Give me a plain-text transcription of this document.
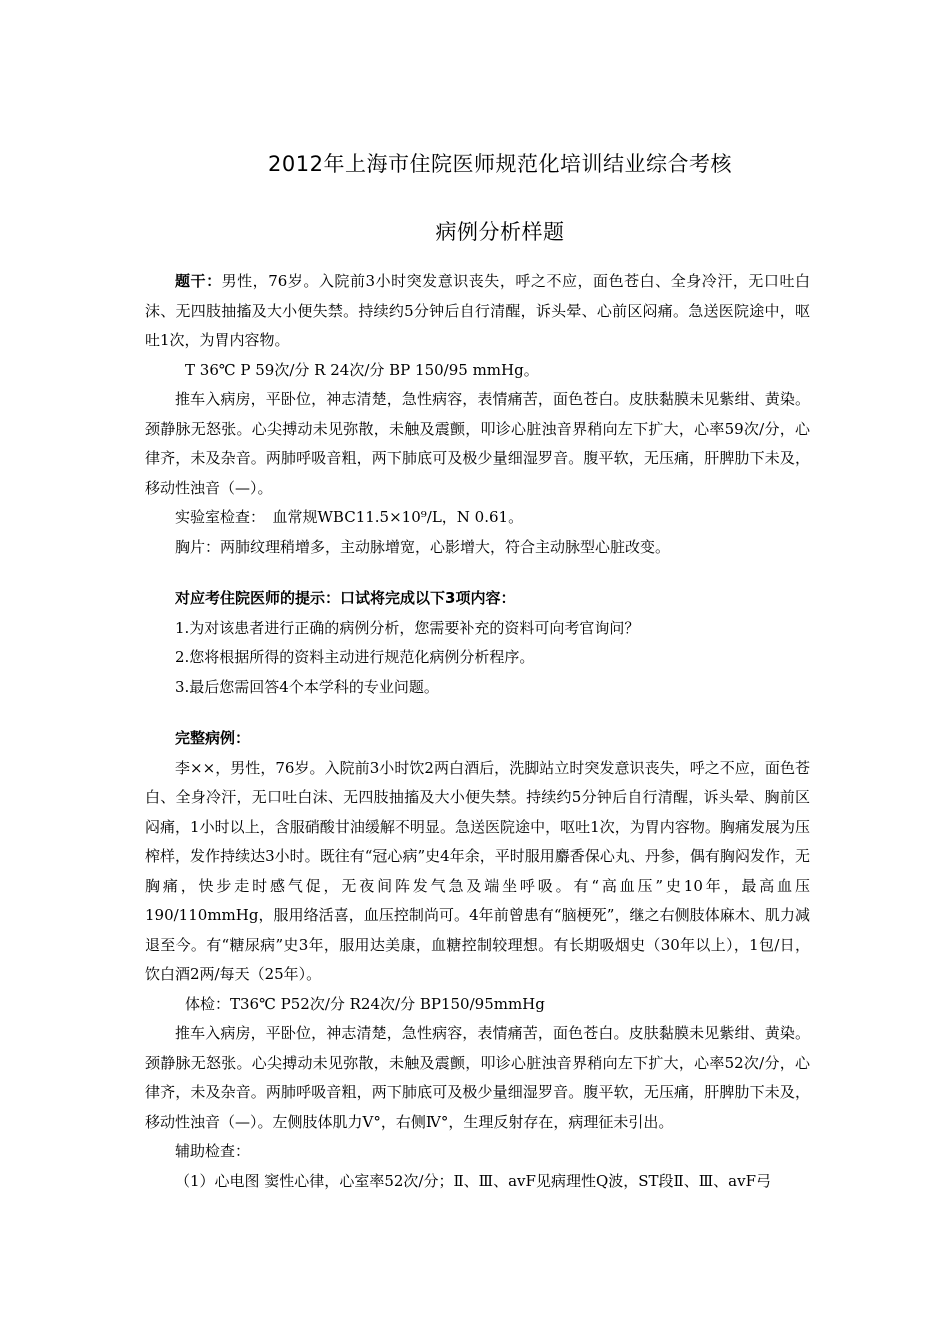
2012年上海市住院医师规范化培训结业综合考核
病例分析样题

题干：男性，76岁。入院前3小时突发意识丧失，呼之不应，面色苍白、全身冷汗，无口吐白沫、无四肢抽搐及大小便失禁。持续约5分钟后自行清醒，诉头晕、心前区闷痛。急送医院途中，呕吐1次，为胃内容物。

T 36℃ P 59次/分 R 24次/分 BP 150/95 mmHg。

推车入病房，平卧位，神志清楚，急性病容，表情痛苦，面色苍白。皮肤黏膜未见紫绀、黄染。颈静脉无怒张。心尖搏动未见弥散，未触及震颤，叩诊心脏浊音界稍向左下扩大，心率59次/分，心律齐，未及杂音。两肺呼吸音粗，两下肺底可及极少量细湿罗音。腹平软，无压痛，肝脾肋下未及，移动性浊音（—）。

实验室检查：　血常规WBC11.5×10⁹/L，N 0.61。

胸片：两肺纹理稍增多，主动脉增宽，心影增大，符合主动脉型心脏改变。

对应考住院医师的提示：口试将完成以下3项内容：

1.为对该患者进行正确的病例分析，您需要补充的资料可向考官询问？

2.您将根据所得的资料主动进行规范化病例分析程序。

3.最后您需回答4个本学科的专业问题。

完整病例：

李××，男性，76岁。入院前3小时饮2两白酒后，洗脚站立时突发意识丧失，呼之不应，面色苍白、全身冷汗，无口吐白沫、无四肢抽搐及大小便失禁。持续约5分钟后自行清醒，诉头晕、胸前区闷痛，1小时以上，含服硝酸甘油缓解不明显。急送医院途中，呕吐1次，为胃内容物。胸痛发展为压榨样，发作持续达3小时。既往有“冠心病”史4年余，平时服用麝香保心丸、丹参，偶有胸闷发作，无胸痛，快步走时感气促，无夜间阵发气急及端坐呼吸。有“高血压”史10年，最高血压190/110mmHg，服用络活喜，血压控制尚可。4年前曾患有“脑梗死”，继之右侧肢体麻木、肌力减退至今。有“糖尿病”史3年，服用达美康，血糖控制较理想。有长期吸烟史（30年以上），1包/日，饮白酒2两/每天（25年）。

体检：T36℃ P52次/分 R24次/分 BP150/95mmHg

推车入病房，平卧位，神志清楚，急性病容，表情痛苦，面色苍白。皮肤黏膜未见紫绀、黄染。颈静脉无怒张。心尖搏动未见弥散，未触及震颤，叩诊心脏浊音界稍向左下扩大，心率52次/分，心律齐，未及杂音。两肺呼吸音粗，两下肺底可及极少量细湿罗音。腹平软，无压痛，肝脾肋下未及，移动性浊音（—）。左侧肢体肌力Ⅴ°，右侧Ⅳ°，生理反射存在，病理征未引出。

辅助检查：

（1）心电图 窦性心律，心室率52次/分；Ⅱ、Ⅲ、avF见病理性Q波，ST段Ⅱ、Ⅲ、avF弓
